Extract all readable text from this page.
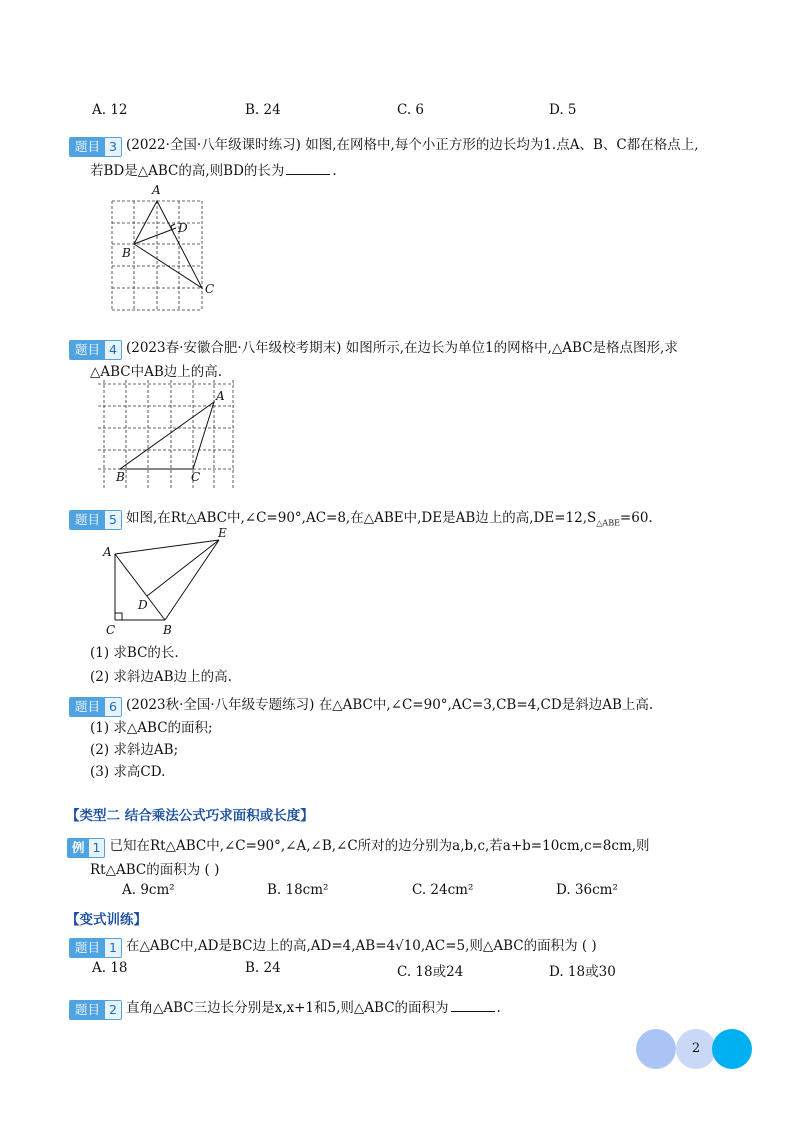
A. 12	B. 24	C. 6	D. 5
题目 3 (2022·全国·八年级课时练习) 如图,在网格中,每个小正方形的边长均为1.点A、B、C都在格点上,
若BD是△ABC的高,则BD的长为	.
A
B
C
D
题目 4 (2023春·安徽合肥·八年级校考期末) 如图所示,在边长为单位1的网格中,△ABC是格点图形,求
△ABC中AB边上的高.
A
B	C
题目 5 如图,在Rt△ABC中,∠C=90°,AC=8,在△ABE中,DE是AB边上的高$,DE=12,S_{\triangle ABE}=60$.
A
E
D
C	B
(1) 求BC的长.
(2) 求斜边AB边上的高.
题目 6 (2023秋·全国·八年级专题练习) 在△ABC中,∠C=90°,AC=3,CB=4,CD是斜边AB上高.
(1) 求△ABC的面积;
(2) 求斜边AB;
(3) 求高CD.
【类型二 结合乘法公式巧求面积或长度】
例 1 已知在Rt△ABC中,∠C=90°,∠A,∠B,∠C所对的边分别为a,b,c,若a+b=10cm,c=8cm,则
Rt△ABC的面积为 ( )
A. 9cm²	B. 18cm²	C. 24cm²	D. 36cm²
【变式训练】
题目 1 在△ABC中,AD是BC边上的高,AD=4,AB=4√10,AC=5,则△ABC的面积为 ( )
A. 18	B. 24	C. 18或24	D. 18或30
题目 2 直角△ABC三边长分别是x,x+1和5,则△ABC的面积为	.
2
